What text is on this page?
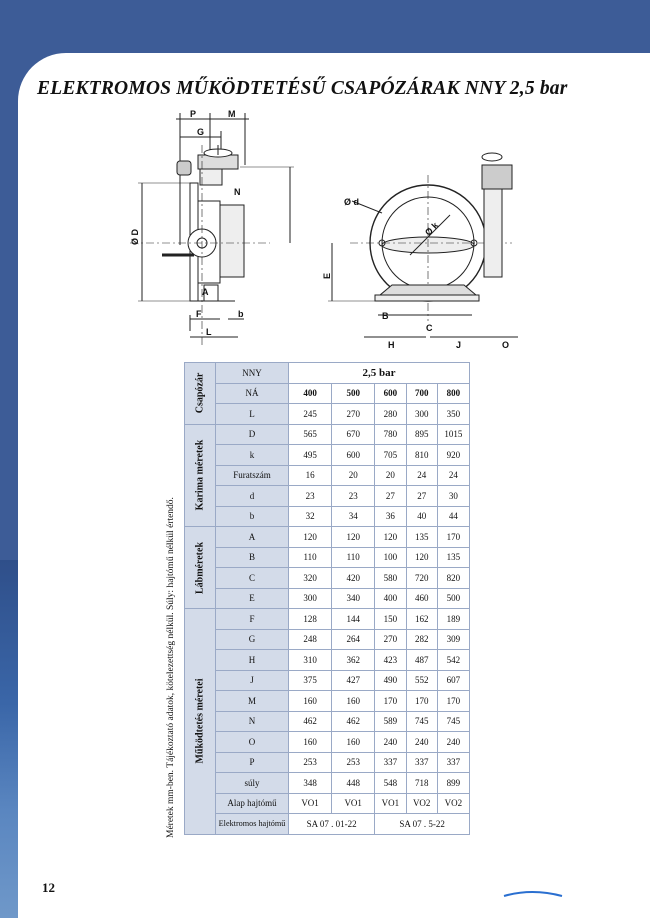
ELEKTROMOS MŰKÖDTETÉSŰ CSAPÓZÁRAK NNY 2,5 bar
P	M
G
N
Ø D
A
F	b
L
Ø d
Ø k
E
B
C
H	J	O
Méretek mm-ben. Tájékoztató adatok, kötelezettség nélkül. Súly: hajtómű nélkül értendő.
Csapózár	NNY	2,5 bar				
	NÁ	400	500	600	700	800
	L	245	270	280	300	350

Karima méretek	D	565	670	780	895	1015
	k	495	600	705	810	920
	Furatszám	16	20	20	24	24
	d	23	23	27	27	30
	b	32	34	36	40	44

Lábméretek	A	120	120	120	135	170
	B	110	110	100	120	135
	C	320	420	580	720	820
	E	300	340	400	460	500

Működtetés méretei	F	128	144	150	162	189
	G	248	264	270	282	309
	H	310	362	423	487	542
	J	375	427	490	552	607
	M	160	160	170	170	170
	N	462	462	589	745	745
	O	160	160	240	240	240
	P	253	253	337	337	337
	súly	348	448	548	718	899
	Alap hajtómű	VO1	VO1	VO1	VO2	VO2
	Elektromos hajtómű	SA 07 . 01-22		SA 07 . 5-22		
12
GANZ-VÍZGÉP
&
Armatúra
Kft
